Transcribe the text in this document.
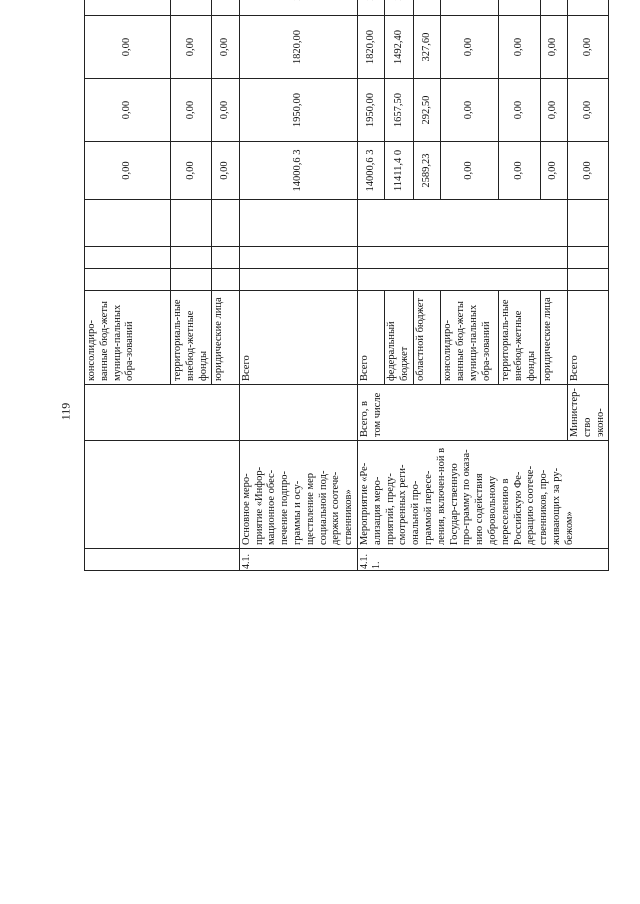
119
			консолидиро-ванные бюд-жеты муници-пальных обра-зований				0,00	0,00	0,00				
			территориаль-ные внебюд-жетные фонды				0,00	0,00	0,00				
			юридические лица				0,00	0,00	0,00				
4.1.	Основное меро-приятие «Инфор-мационное обес-печение подпро-граммы и осу-ществление мер социальной под-держки соотече-ственников»		Всего				14000,6 3	1950,00	1820,00				
4.1. 1.	Мероприятие «Ре-ализация меро-приятий, преду-смотренных реги-ональной про-граммой пересе-ления, включен-ной в Государ-ственную про-грамму по оказа-нию содействия добровольному переселению в Российскую Фе-дерацию соотече-ственников, про-живающих за ру-бежом»	Всего, в том числе	Всего				14000,6 3	1950,00	1820,00				
			федеральный бюджет				11411,4 0	1657,50	1492,40				
			областной бюджет				2589,23	292,50	327,60				
			консолидиро-ванные бюд-жеты муници-пальных обра-зований				0,00	0,00	0,00				
			территориаль-ные внебюд-жетные фонды				0,00	0,00	0,00				
			юридические лица				0,00	0,00	0,00				
		Министер-ство эконо-	Всего				0,00	0,00	0,00				
